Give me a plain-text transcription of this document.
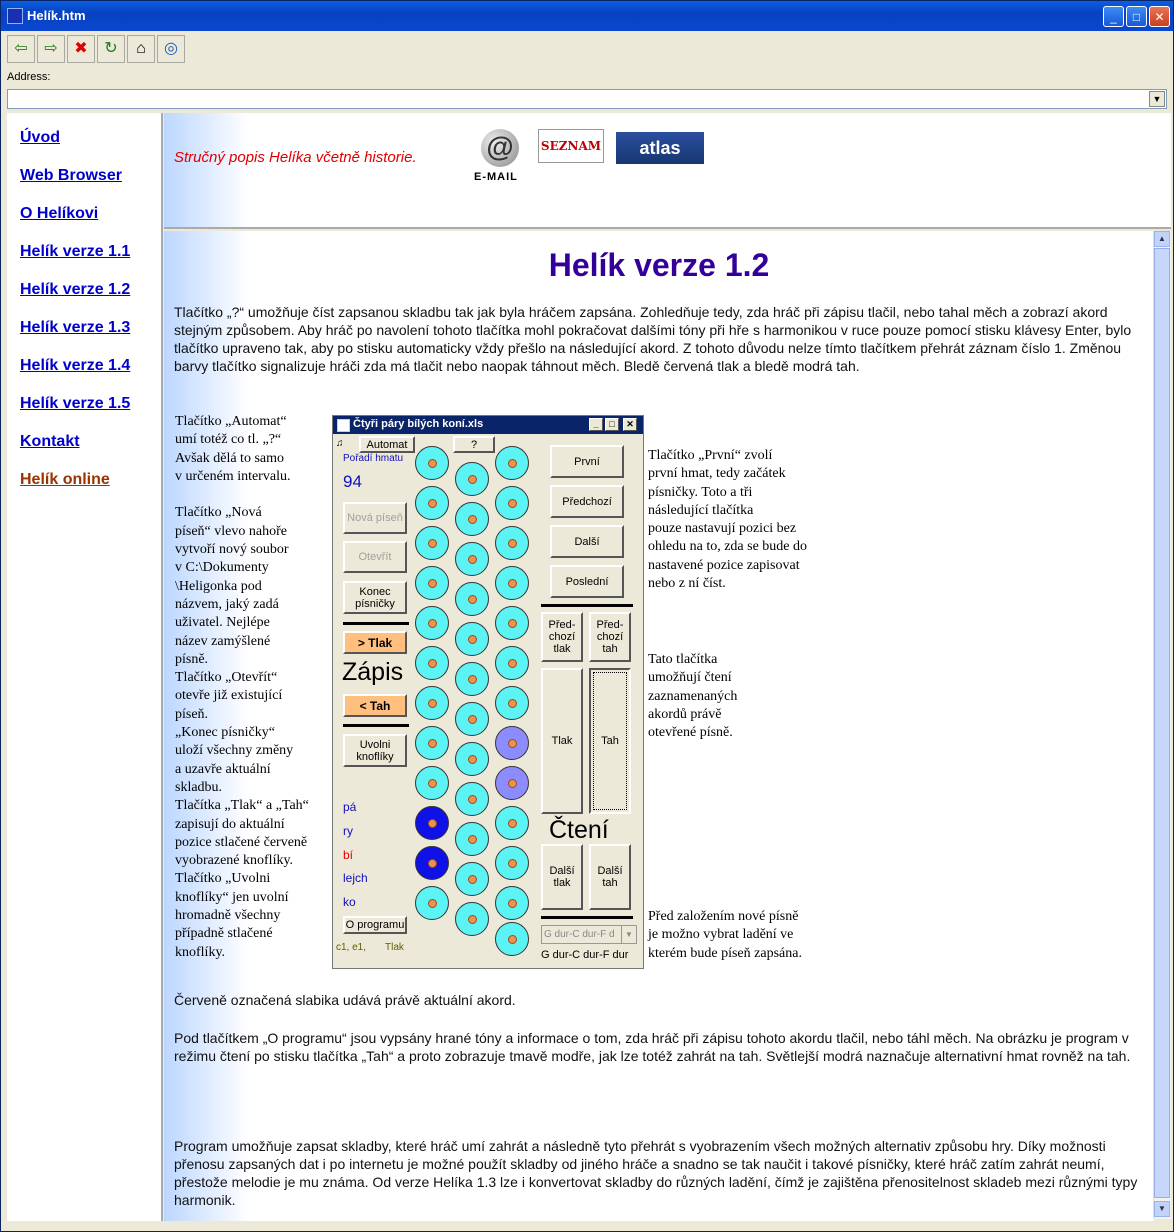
Helík.htm	_	□	✕
⇦	⇨	✖	↻	⌂	◎
Address:
▼
Úvod
Web Browser
O Helíkovi
Helík verze 1.1
Helík verze 1.2
Helík verze 1.3
Helík verze 1.4
Helík verze 1.5
Kontakt
Helík online
Stručný popis Helíka včetně historie. @
E-MAIL
SEZNAM	atlas
Helík verze 1.2
Tlačítko „?“ umožňuje číst zapsanou skladbu tak jak byla hráčem zapsána. Zohledňuje tedy, zda hráč při zápisu tlačil, nebo tahal měch a zobrazí akord stejným způsobem. Aby hráč po navolení tohoto tlačítka mohl pokračovat dalšími tóny při hře s harmonikou v ruce pouze pomocí stisku klávesy Enter, bylo tlačítko upraveno tak, aby po stisku automaticky vždy přešlo na následující akord. Z tohoto důvodu nelze tímto tlačítkem přehrát záznam číslo 1. Změnou barvy tlačítko signalizuje hráči zda má tlačit nebo naopak táhnout měch. Bledě červená tlak a bledě modrá tah.
Tlačítko „Automat“
umí totéž co tl. „?“
Avšak dělá to samo
v určeném intervalu.
Tlačítko „Nová
píseň“ vlevo nahoře
vytvoří nový soubor
v C:\Dokumenty
\Heligonka pod
názvem, jaký zadá
uživatel. Nejlépe
název zamýšlené
písně.
Tlačítko „Otevřít“
otevře již existující
píseň.
„Konec písničky“
uloží všechny změny
a uzavře aktuální
skladbu.
Tlačítka „Tlak“ a „Tah“
zapisují do aktuální
pozice stlačené červeně
vyobrazené knoflíky.
Tlačítko „Uvolni
knoflíky“ jen uvolní
hromadně všechny
případně stlačené
knoflíky.
Tlačítko „První“ zvolí
první hmat, tedy začátek
písničky. Toto a tři
následující tlačítka
pouze nastavují pozici bez
ohledu na to, zda se bude do
nastavené pozice zapisovat
nebo z ní číst.
Tato tlačítka
umožňují čtení
zaznamenaných
akordů právě
otevřené písně.
Před založením nové písně
je možno vybrat ladění ve
kterém bude píseň zapsána.
Čtyři páry bílých koní.xls	_	□	✕
♫	Automat	?
Pořadí hmatu
94
Nová píseň
Otevřít
Konec písničky
> Tlak
Zápis
< Tah
Uvolni knoflíky
pá
ry
bí
lejch
ko
O programu
c1, e1, Tlak
První
Předchozí
Další
Poslední
Před-chozí tlak
Před-chozí tah
Tlak	Tah
Čtení
Další tlak
Další tah
G dur-C dur-F d	▼
G dur-C dur-F dur
Červeně označená slabika udává právě aktuální akord.
Pod tlačítkem „O programu“ jsou vypsány hrané tóny a informace o tom, zda hráč při zápisu tohoto akordu tlačil, nebo táhl měch. Na obrázku je program v režimu čtení po stisku tlačítka „Tah“ a proto zobrazuje tmavě modře, jak lze totéž zahrát na tah. Světlejší modrá naznačuje alternativní hmat rovněž na tah.
Program umožňuje zapsat skladby, které hráč umí zahrát a následně tyto přehrát s vyobrazením všech možných alternativ způsobu hry. Díky možnosti přenosu zapsaných dat i po internetu je možné použít skladby od jiného hráče a snadno se tak naučit i takové písničky, které hráč zatím zahrát neumí, přestože melodie je mu známa. Od verze Helíka 1.3 lze i konvertovat skladby do různých ladění, čímž je zajištěna přenositelnost skladeb mezi různými typy harmonik.
▲
▼
